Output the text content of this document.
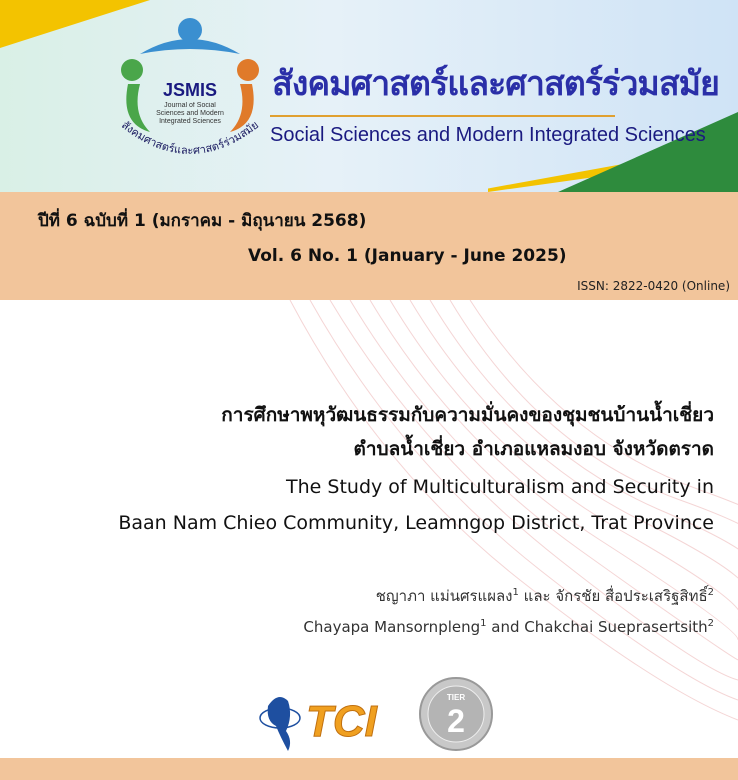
JSMIS
Journal of Social Sciences and Modern Integrated Sciences
สังคมศาสตร์และศาสตร์ร่วมสมัย
สังคมศาสตร์และศาสตร์ร่วมสมัย
Social Sciences and Modern Integrated Sciences
ปีที่ 6 ฉบับที่ 1 (มกราคม - มิถุนายน 2568)
Vol. 6 No. 1 (January - June 2025)
ISSN: 2822-0420 (Online)
การศึกษาพหุวัฒนธรรมกับความมั่นคงของชุมชนบ้านน้ำเชี่ยว
ตำบลน้ำเชี่ยว อำเภอแหลมงอบ จังหวัดตราด
The Study of Multiculturalism and Security in
Baan Nam Chieo Community, Leamngop District, Trat Province
ชญาภา แม่นศรแผลง$^1$ และ จักรชัย สื่อประเสริฐสิทธิ์$^2$
Chayapa Mansornpleng$^1$ and Chakchai Sueprasertsith$^2$
TCI	TIER
2
